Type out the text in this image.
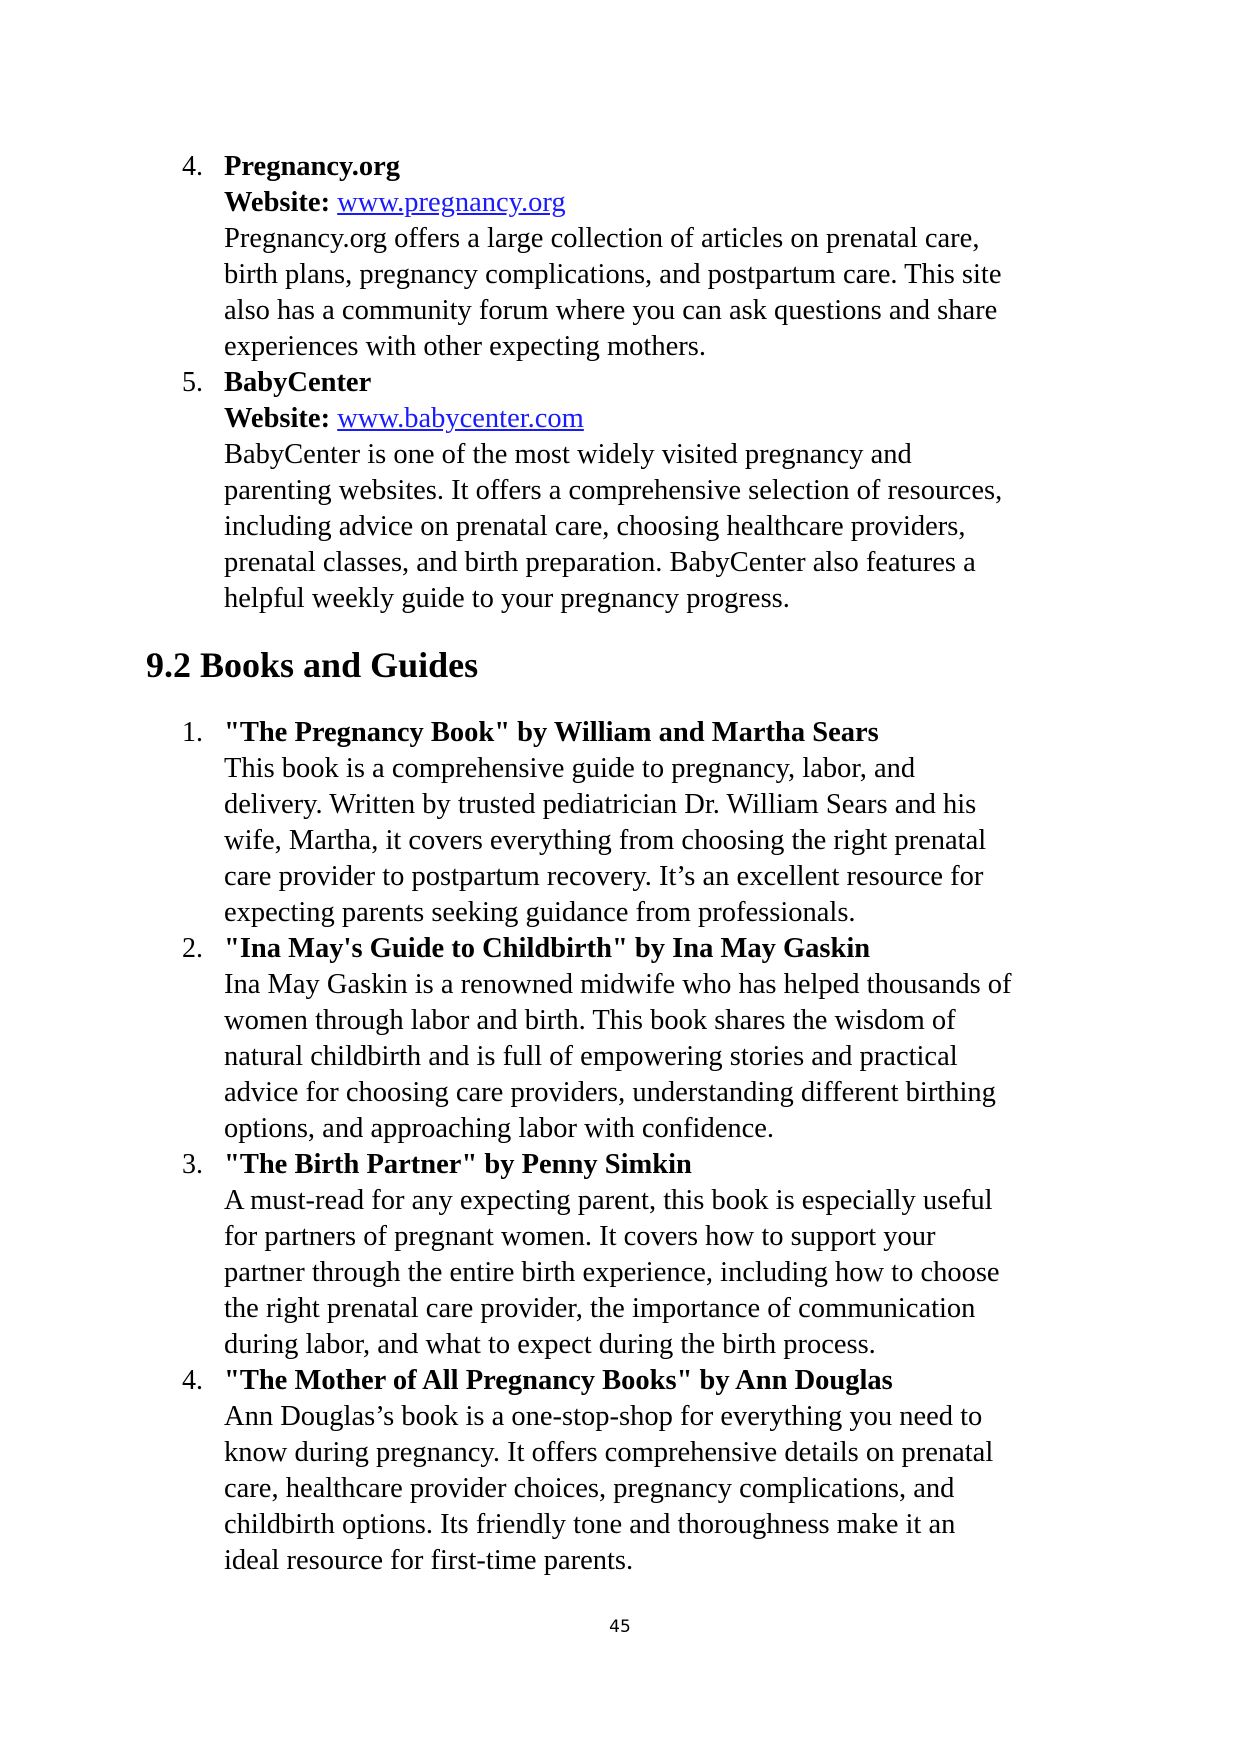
4. Pregnancy.org
Website: www.pregnancy.org
Pregnancy.org offers a large collection of articles on prenatal care,
birth plans, pregnancy complications, and postpartum care. This site
also has a community forum where you can ask questions and share
experiences with other expecting mothers.
5. BabyCenter
Website: www.babycenter.com
BabyCenter is one of the most widely visited pregnancy and
parenting websites. It offers a comprehensive selection of resources,
including advice on prenatal care, choosing healthcare providers,
prenatal classes, and birth preparation. BabyCenter also features a
helpful weekly guide to your pregnancy progress.
9.2 Books and Guides
1. "The Pregnancy Book" by William and Martha Sears
This book is a comprehensive guide to pregnancy, labor, and
delivery. Written by trusted pediatrician Dr. William Sears and his
wife, Martha, it covers everything from choosing the right prenatal
care provider to postpartum recovery. It’s an excellent resource for
expecting parents seeking guidance from professionals.
2. "Ina May's Guide to Childbirth" by Ina May Gaskin
Ina May Gaskin is a renowned midwife who has helped thousands of
women through labor and birth. This book shares the wisdom of
natural childbirth and is full of empowering stories and practical
advice for choosing care providers, understanding different birthing
options, and approaching labor with confidence.
3. "The Birth Partner" by Penny Simkin
A must-read for any expecting parent, this book is especially useful
for partners of pregnant women. It covers how to support your
partner through the entire birth experience, including how to choose
the right prenatal care provider, the importance of communication
during labor, and what to expect during the birth process.
4. "The Mother of All Pregnancy Books" by Ann Douglas
Ann Douglas’s book is a one-stop-shop for everything you need to
know during pregnancy. It offers comprehensive details on prenatal
care, healthcare provider choices, pregnancy complications, and
childbirth options. Its friendly tone and thoroughness make it an
ideal resource for first-time parents.
45
